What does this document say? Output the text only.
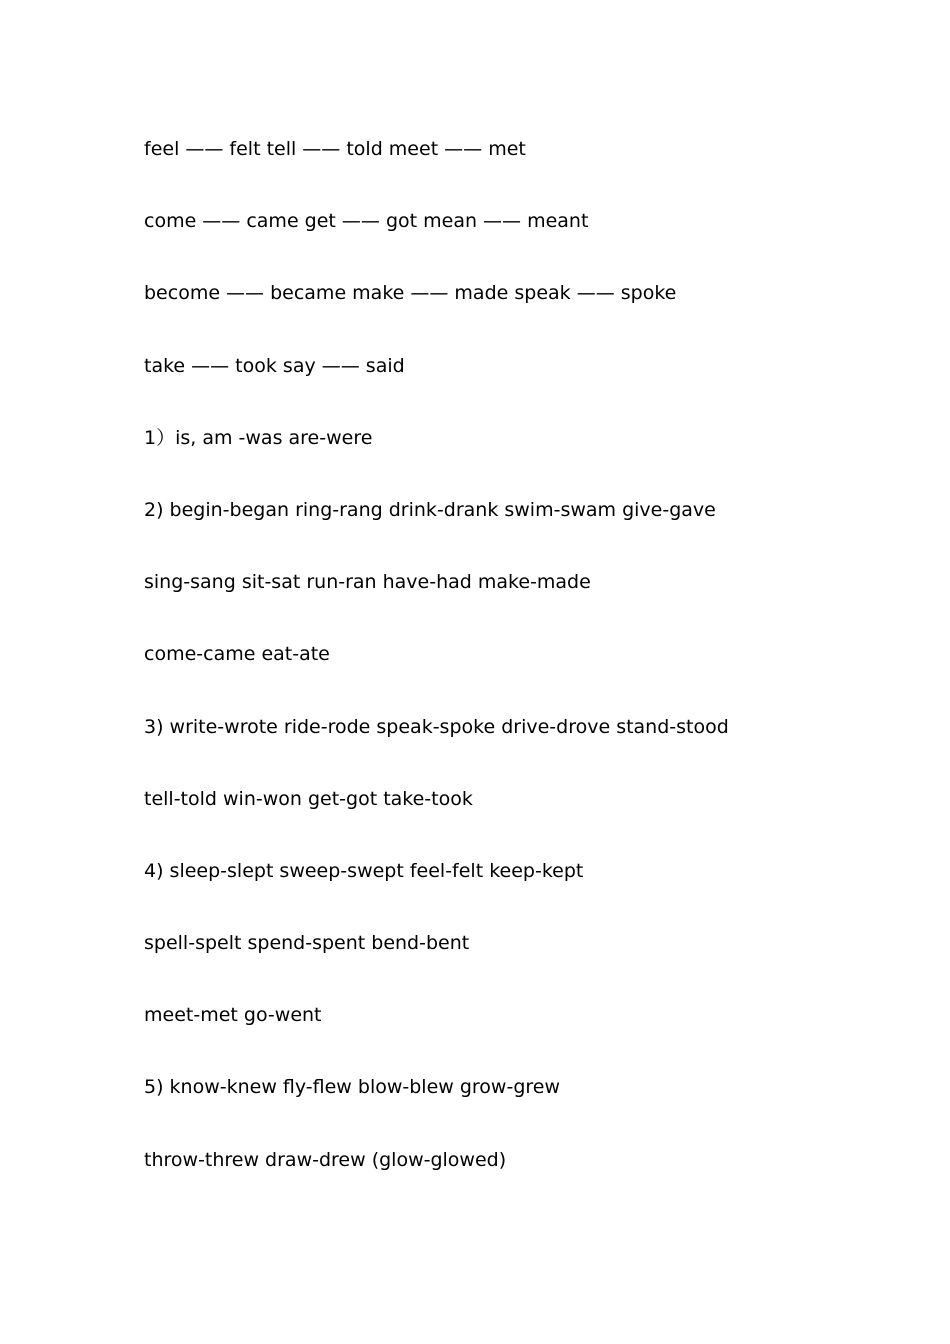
feel —— felt tell —— told meet —— met

come —— came get —— got mean —— meant

become —— became make —— made speak —— spoke

take —— took say —— said

1）is, am -was are-were

2) begin-began ring-rang drink-drank swim-swam give-gave

sing-sang sit-sat run-ran have-had make-made

come-came eat-ate

3) write-wrote ride-rode speak-spoke drive-drove stand-stood

tell-told win-won get-got take-took

4) sleep-slept sweep-swept feel-felt keep-kept

spell-spelt spend-spent bend-bent

meet-met go-went

5) know-knew fly-flew blow-blew grow-grew

throw-threw draw-drew (glow-glowed)
